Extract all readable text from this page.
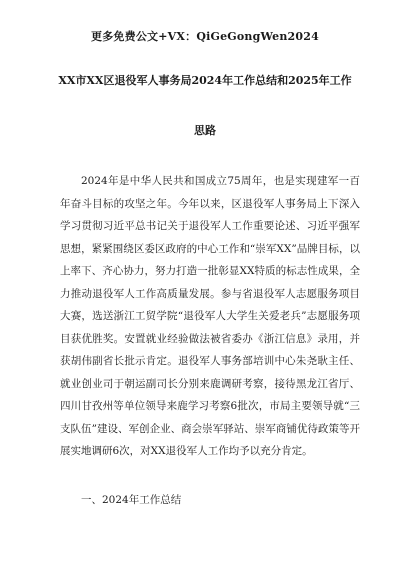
更多免费公文+VX：QiGeGongWen2024
XX市XX区退役军人事务局2024年工作总结和2025年工作
思路

2024年是中华人民共和国成立75周年，也是实现建军一百年奋斗目标的攻坚之年。今年以来，区退役军人事务局上下深入学习贯彻习近平总书记关于退役军人工作重要论述、习近平强军思想，紧紧围绕区委区政府的中心工作和“崇军XX”品牌目标，以上率下、齐心协力，努力打造一批彰显XX特质的标志性成果，全力推动退役军人工作高质量发展。参与省退役军人志愿服务项目大赛，选送浙江工贸学院“退役军人大学生关爱老兵”志愿服务项目获优胜奖。安置就业经验做法被省委办《浙江信息》录用，并获胡伟副省长批示肯定。退役军人事务部培训中心朱尧耿主任、就业创业司于朝运副司长分别来鹿调研考察，接待黑龙江省厅、四川甘孜州等单位领导来鹿学习考察6批次，市局主要领导就“三支队伍”建设、军创企业、商会崇军驿站、崇军商铺优待政策等开展实地调研6次，对XX退役军人工作均予以充分肯定。

一、2024年工作总结
